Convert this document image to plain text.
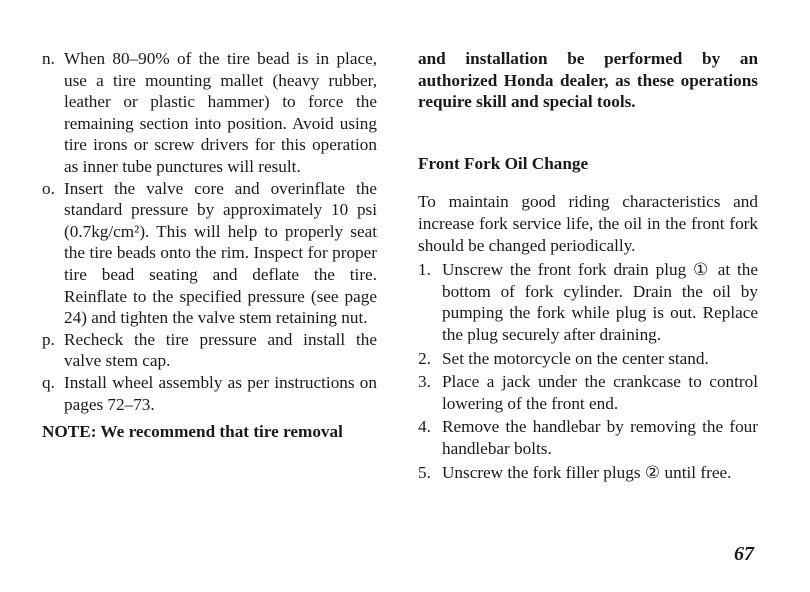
n. When 80–90% of the tire bead is in place, use a tire mounting mallet (heavy rubber, leather or plastic hammer) to force the remaining section into position. Avoid using tire irons or screw drivers for this operation as inner tube punctures will result.
o. Insert the valve core and overinflate the standard pressure by approximately 10 psi (0.7kg/cm²). This will help to properly seat the tire beads onto the rim. Inspect for proper tire bead seating and deflate the tire. Reinflate to the specified pressure (see page 24) and tighten the valve stem retaining nut.
p. Recheck the tire pressure and install the valve stem cap.
q. Install wheel assembly as per instructions on pages 72–73.

NOTE: We recommend that tire removal

and installation be performed by an authorized Honda dealer, as these operations require skill and special tools.

Front Fork Oil Change

To maintain good riding characteristics and increase fork service life, the oil in the front fork should be changed periodically.

1. Unscrew the front fork drain plug ① at the bottom of fork cylinder. Drain the oil by pumping the fork while plug is out. Replace the plug securely after draining.
2. Set the motorcycle on the center stand.
3. Place a jack under the crankcase to control lowering of the front end.
4. Remove the handlebar by removing the four handlebar bolts.
5. Unscrew the fork filler plugs ② until free.
67
